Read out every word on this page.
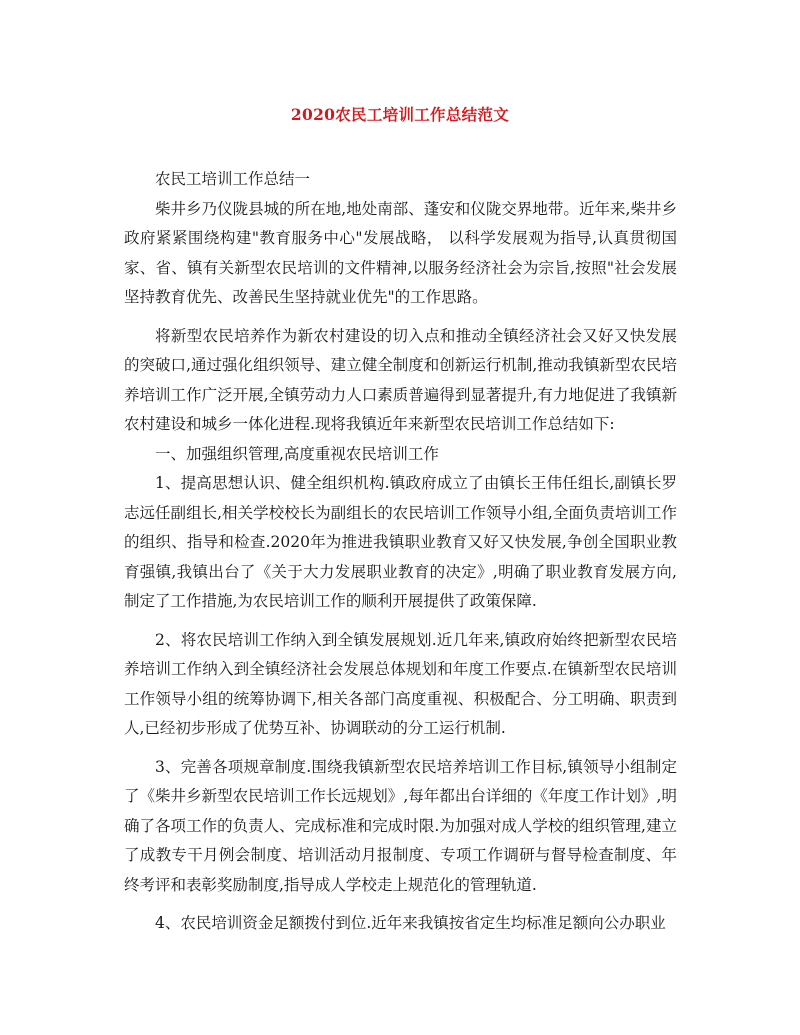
2020农民工培训工作总结范文

农民工培训工作总结一

柴井乡乃仪陇县城的所在地,地处南部、蓬安和仪陇交界地带。近年来,柴井乡政府紧紧围绕构建"教育服务中心"发展战略， 以科学发展观为指导,认真贯彻国家、省、镇有关新型农民培训的文件精神,以服务经济社会为宗旨,按照"社会发展坚持教育优先、改善民生坚持就业优先"的工作思路。

将新型农民培养作为新农村建设的切入点和推动全镇经济社会又好又快发展的突破口,通过强化组织领导、建立健全制度和创新运行机制,推动我镇新型农民培养培训工作广泛开展,全镇劳动力人口素质普遍得到显著提升,有力地促进了我镇新农村建设和城乡一体化进程.现将我镇近年来新型农民培训工作总结如下:

一、加强组织管理,高度重视农民培训工作

1、提高思想认识、健全组织机构.镇政府成立了由镇长王伟任组长,副镇长罗志远任副组长,相关学校校长为副组长的农民培训工作领导小组,全面负责培训工作的组织、指导和检查.2020年为推进我镇职业教育又好又快发展,争创全国职业教育强镇,我镇出台了《关于大力发展职业教育的决定》,明确了职业教育发展方向,制定了工作措施,为农民培训工作的顺利开展提供了政策保障.

2、将农民培训工作纳入到全镇发展规划.近几年来,镇政府始终把新型农民培养培训工作纳入到全镇经济社会发展总体规划和年度工作要点.在镇新型农民培训工作领导小组的统筹协调下,相关各部门高度重视、积极配合、分工明确、职责到人,已经初步形成了优势互补、协调联动的分工运行机制.

3、完善各项规章制度.围绕我镇新型农民培养培训工作目标,镇领导小组制定了《柴井乡新型农民培训工作长远规划》,每年都出台详细的《年度工作计划》,明确了各项工作的负责人、完成标准和完成时限.为加强对成人学校的组织管理,建立了成教专干月例会制度、培训活动月报制度、专项工作调研与督导检查制度、年终考评和表彰奖励制度,指导成人学校走上规范化的管理轨道.

4、农民培训资金足额拨付到位.近年来我镇按省定生均标准足额向公办职业
